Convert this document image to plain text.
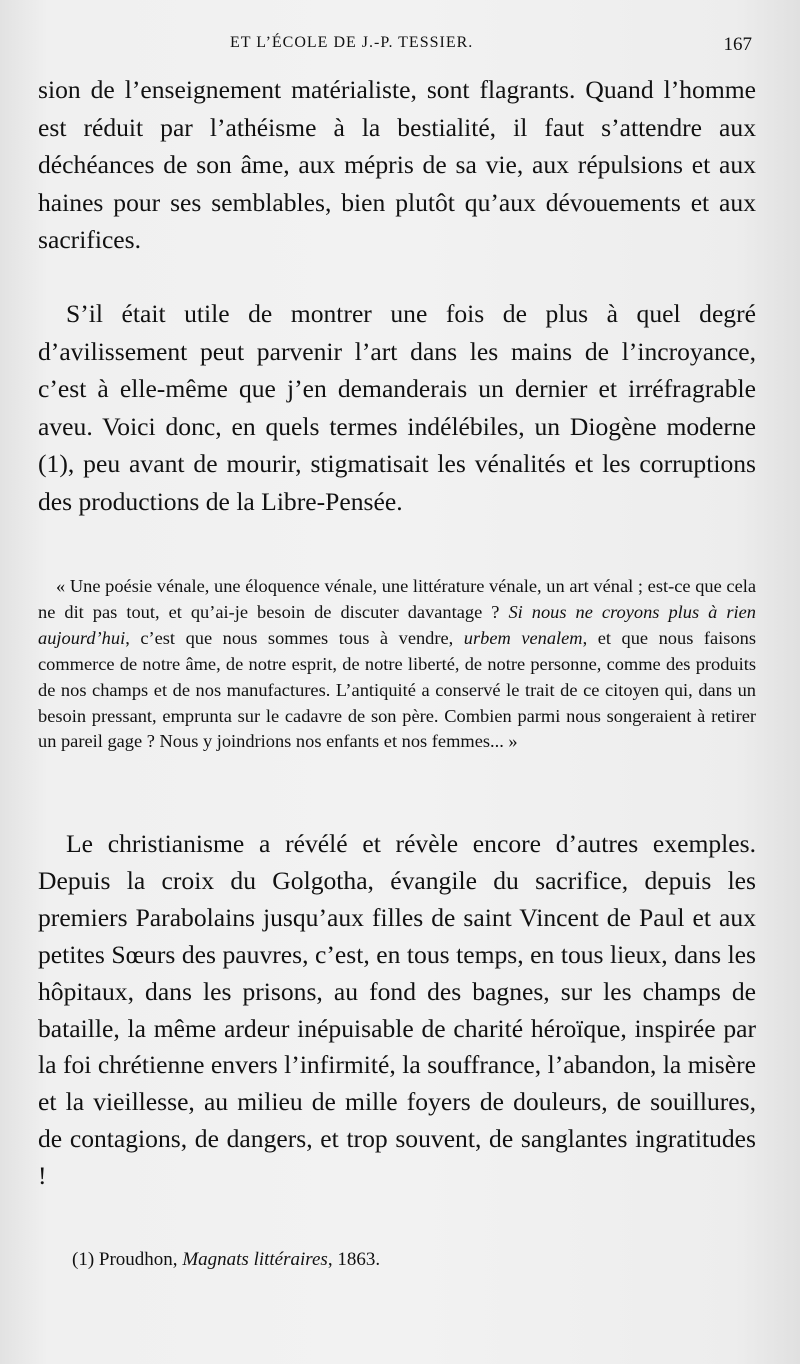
ET L’ÉCOLE DE J.-P. TESSIER.	167

sion de l’enseignement matérialiste, sont flagrants. Quand l’homme est réduit par l’athéisme à la bestialité, il faut s’attendre aux déchéances de son âme, aux mépris de sa vie, aux répulsions et aux haines pour ses semblables, bien plutôt qu’aux dévouements et aux sacrifices.

S’il était utile de montrer une fois de plus à quel degré d’avilissement peut parvenir l’art dans les mains de l’incroyance, c’est à elle-même que j’en demanderais un dernier et irréfragrable aveu. Voici donc, en quels termes indélébiles, un Diogène moderne (1), peu avant de mourir, stigmatisait les vénalités et les corruptions des productions de la Libre-Pensée.

« Une poésie vénale, une éloquence vénale, une littérature vénale, un art vénal ; est-ce que cela ne dit pas tout, et qu’ai-je besoin de discuter davantage ? Si nous ne croyons plus à rien aujourd’hui, c’est que nous sommes tous à vendre, urbem venalem, et que nous faisons commerce de notre âme, de notre esprit, de notre liberté, de notre personne, comme des produits de nos champs et de nos manufactures. L’antiquité a conservé le trait de ce citoyen qui, dans un besoin pressant, emprunta sur le cadavre de son père. Combien parmi nous songeraient à retirer un pareil gage ? Nous y joindrions nos enfants et nos femmes... »

Le christianisme a révélé et révèle encore d’autres exemples. Depuis la croix du Golgotha, évangile du sacrifice, depuis les premiers Parabolains jusqu’aux filles de saint Vincent de Paul et aux petites Sœurs des pauvres, c’est, en tous temps, en tous lieux, dans les hôpitaux, dans les prisons, au fond des bagnes, sur les champs de bataille, la même ardeur inépuisable de charité héroïque, inspirée par la foi chrétienne envers l’infirmité, la souffrance, l’abandon, la misère et la vieillesse, au milieu de mille foyers de douleurs, de souillures, de contagions, de dangers, et trop souvent, de sanglantes ingratitudes !

(1) Proudhon, Magnats littéraires, 1863.
